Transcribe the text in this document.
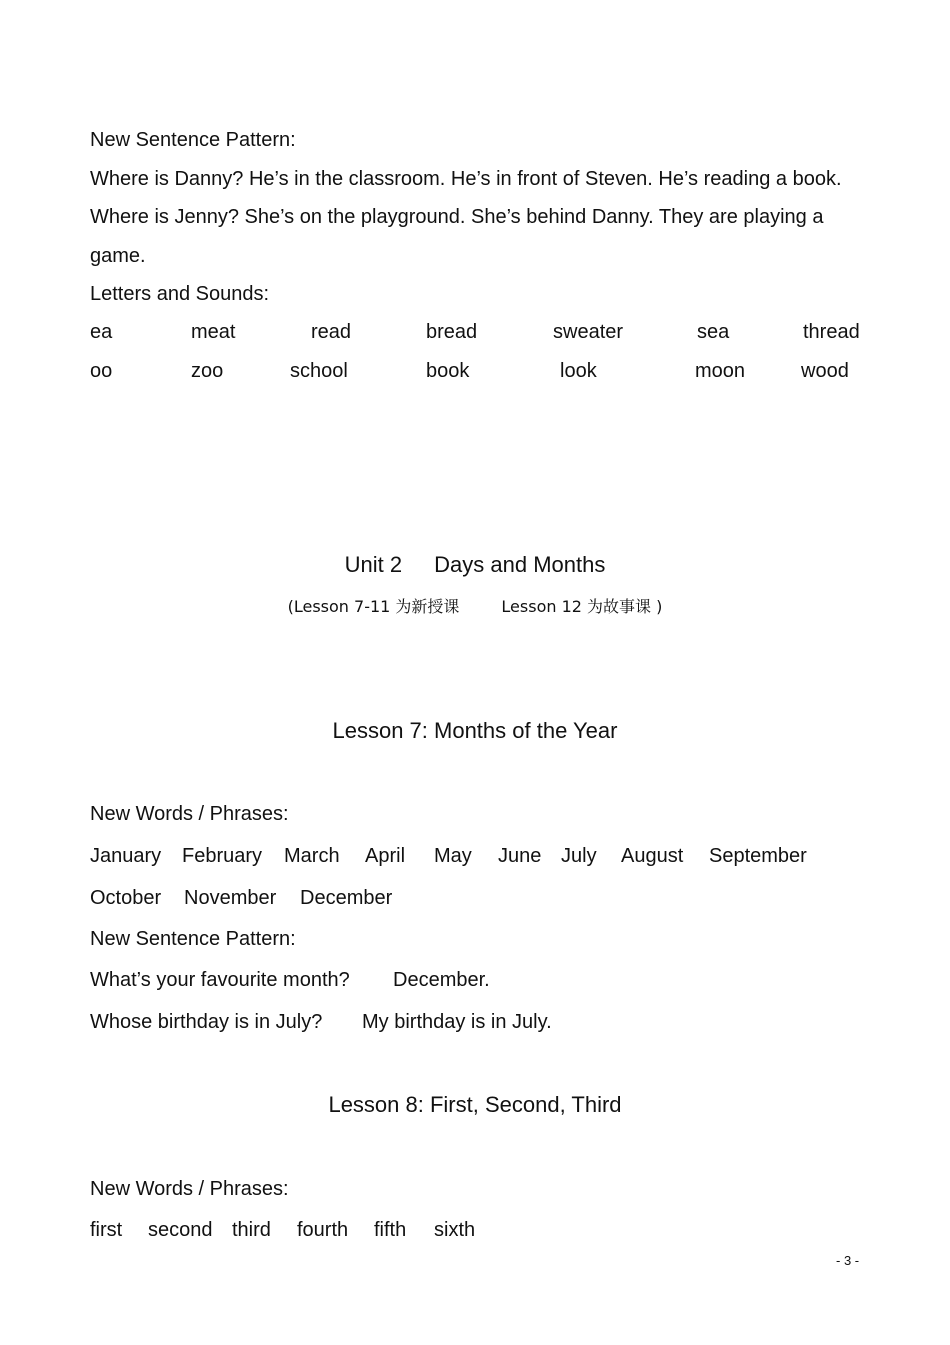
New Sentence Pattern:
Where is Danny? He’s in the classroom. He’s in front of Steven. He’s reading a book.
Where is Jenny? She’s on the playground. She’s behind Danny. They are playing a
game.
Letters and Sounds:
ea	meat	read	bread	sweater	sea	thread
oo	zoo	school	book	look	moon	wood
Unit 2 Days and Months
(Lesson 7-11 为新授课	Lesson 12 为故事课 )
Lesson 7: Months of the Year
New Words / Phrases:
January February March April May June July August September
October November December
New Sentence Pattern:
What’s your favourite month? December.
Whose birthday is in July? My birthday is in July.
Lesson 8: First, Second, Third
New Words / Phrases:
first second third fourth fifth sixth
- 3 -
